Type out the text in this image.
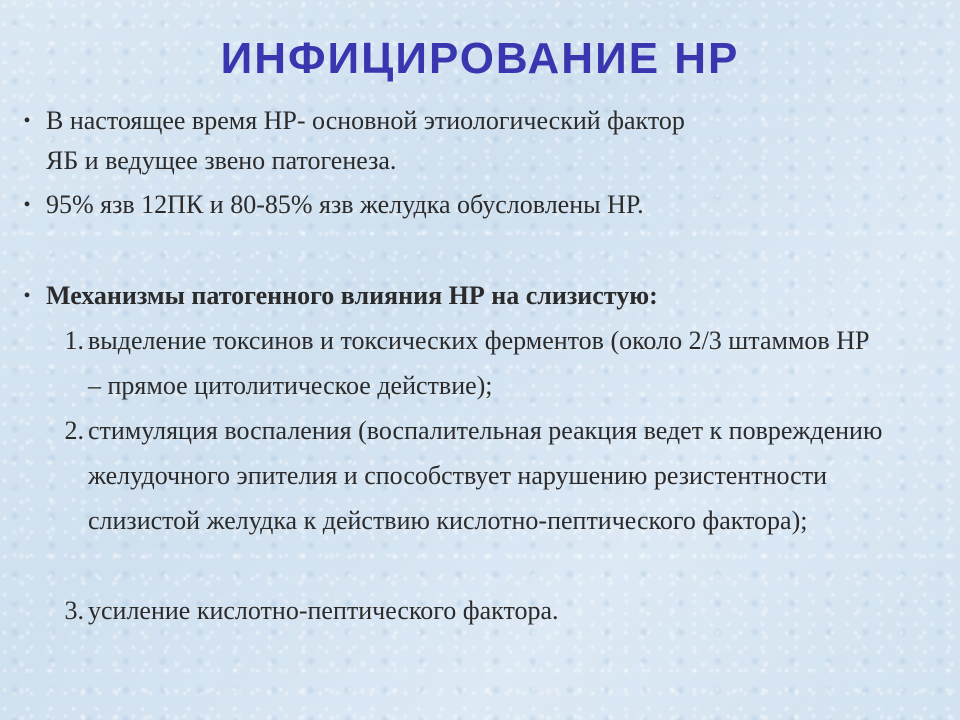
ИНФИЦИРОВАНИЕ НР
• В настоящее время НР- основной этиологический фактор ЯБ и ведущее звено патогенеза.
• 95% язв 12ПК и 80-85% язв желудка обусловлены НР.
• Механизмы патогенного влияния НР на слизистую:
1. выделение токсинов и токсических ферментов (около 2/3 штаммов НР – прямое цитолитическое действие);
2. стимуляция воспаления (воспалительная реакция ведет к повреждению желудочного эпителия и способствует нарушению резистентности слизистой желудка к действию кислотно-пептического фактора);
3. усиление кислотно-пептического фактора.
